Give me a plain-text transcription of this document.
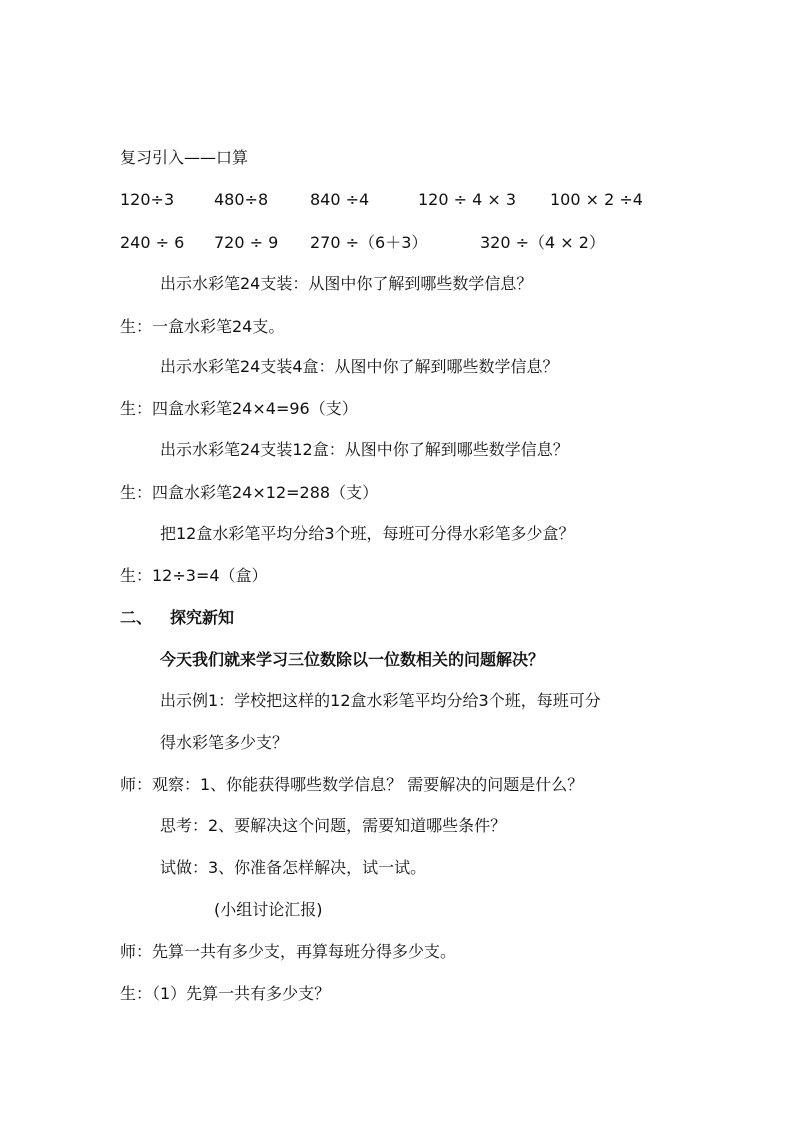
复习引入——口算
120÷3 480÷8	840 ÷4	120 ÷ 4 × 3 100 × 2 ÷4
240 ÷ 6 720 ÷ 9 270 ÷（6＋3）	320 ÷（4 × 2）
出示水彩笔24支装：从图中你了解到哪些数学信息？
生：一盒水彩笔24支。
出示水彩笔24支装4盒：从图中你了解到哪些数学信息？
生：四盒水彩笔24×4=96（支）
出示水彩笔24支装12盒：从图中你了解到哪些数学信息？
生：四盒水彩笔24×12=288（支）
把12盒水彩笔平均分给3个班，每班可分得水彩笔多少盒？
生：12÷3=4（盒）
二、 探究新知
今天我们就来学习三位数除以一位数相关的问题解决？
出示例1：学校把这样的12盒水彩笔平均分给3个班，每班可分
得水彩笔多少支？
师：观察：1、你能获得哪些数学信息？ 需要解决的问题是什么？
思考：2、要解决这个问题，需要知道哪些条件？
试做：3、你准备怎样解决，试一试。
(小组讨论汇报)
师：先算一共有多少支，再算每班分得多少支。
生：（1）先算一共有多少支？
